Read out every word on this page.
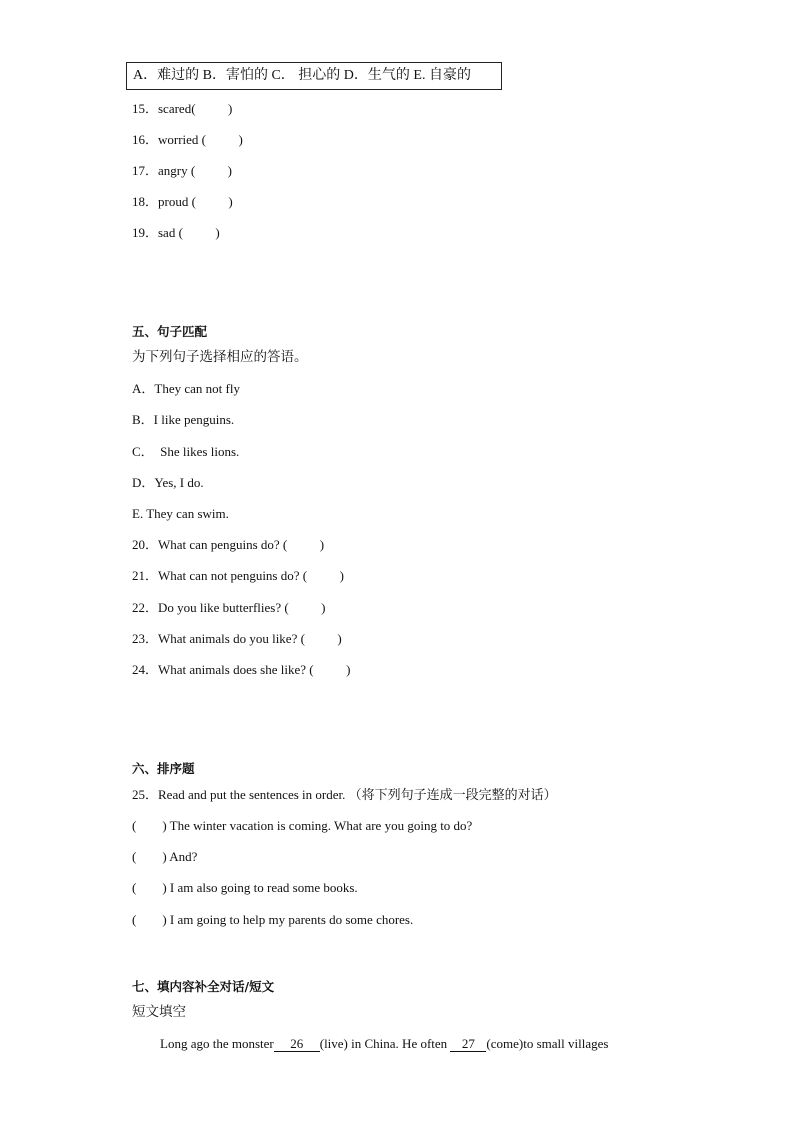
A．难过的 B．害怕的 C． 担心的 D．生气的 E. 自豪的
15．scared(          )
16．worried (          )
17．angry (          )
18．proud (          )
19．sad (          )
五、句子匹配
为下列句子选择相应的答语。
A．They can not fly
B．I like penguins.
C．  She likes lions.
D．Yes, I do.
E. They can swim.
20．What can penguins do? (          )
21．What can not penguins do? (          )
22．Do you like butterflies? (          )
23．What animals do you like? (          )
24．What animals does she like? (          )
六、排序题
25．Read and put the sentences in order. （将下列句子连成一段完整的对话）
(        ) The winter vacation is coming. What are you going to do?
(        ) And?
(        ) I am also going to read some books.
(        ) I am going to help my parents do some chores.
七、填内容补全对话/短文
短文填空
Long ago the monster 26 (live) in China. He often 27 (come)to small villages
